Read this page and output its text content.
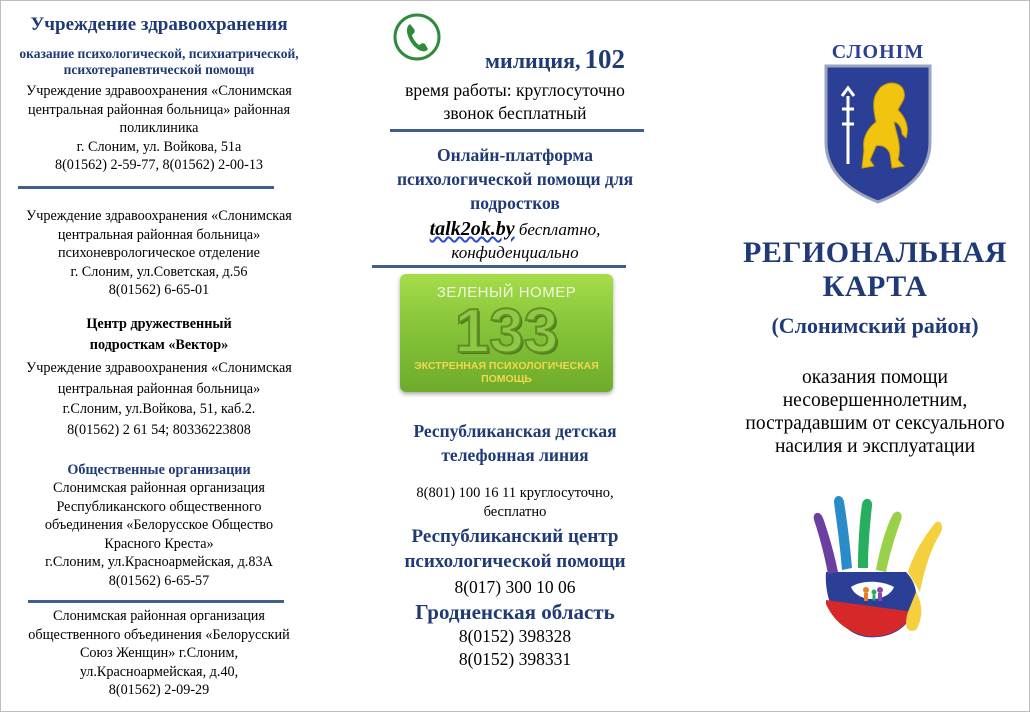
Учреждение здравоохранения
оказание психологической, психиатрической, психотерапевтической помощи
Учреждение здравоохранения «Слонимская
центральная районная больница» районная
поликлиника
г. Слоним, ул. Войкова, 51а
8(01562) 2-59-77, 8(01562) 2-00-13
Учреждение здравоохранения «Слонимская
центральная районная больница»
психоневрологическое отделение
г. Слоним, ул.Советская, д.56
8(01562) 6-65-01
Центр дружественный
подросткам «Вектор»
Учреждение здравоохранения «Слонимская
центральная районная больница»
г.Слоним, ул.Войкова, 51, каб.2.
8(01562) 2 61 54; 80336223808
Общественные организации
Слонимская районная организация
Республиканского общественного
объединения «Белорусское Общество
Красного Креста»
г.Слоним, ул.Красноармейская, д.83А
8(01562) 6-65-57
Слонимская районная организация
общественного объединения «Белорусский
Союз Женщин» г.Слоним,
ул.Красноармейская, д.40,
8(01562) 2-09-29
милиция, 102
время работы: круглосуточно
звонок бесплатный
Онлайн-платформа
психологической помощи для
подростков
talk2ok.by бесплатно,
конфиденциально
ЗЕЛЕНЫЙ НОМЕР
133
ЭКСТРЕННАЯ ПСИХОЛОГИЧЕСКАЯ ПОМОЩЬ
Республиканская детская
телефонная линия
8(801) 100 16 11 круглосуточно,
бесплатно
Республиканский центр
психологической помощи
8(017) 300 10 06
Гродненская область
8(0152) 398328
8(0152) 398331
СЛОНІМ
РЕГИОНАЛЬНАЯ
КАРТА
(Слонимский район)
оказания помощи
несовершеннолетним,
пострадавшим от сексуального
насилия и эксплуатации
